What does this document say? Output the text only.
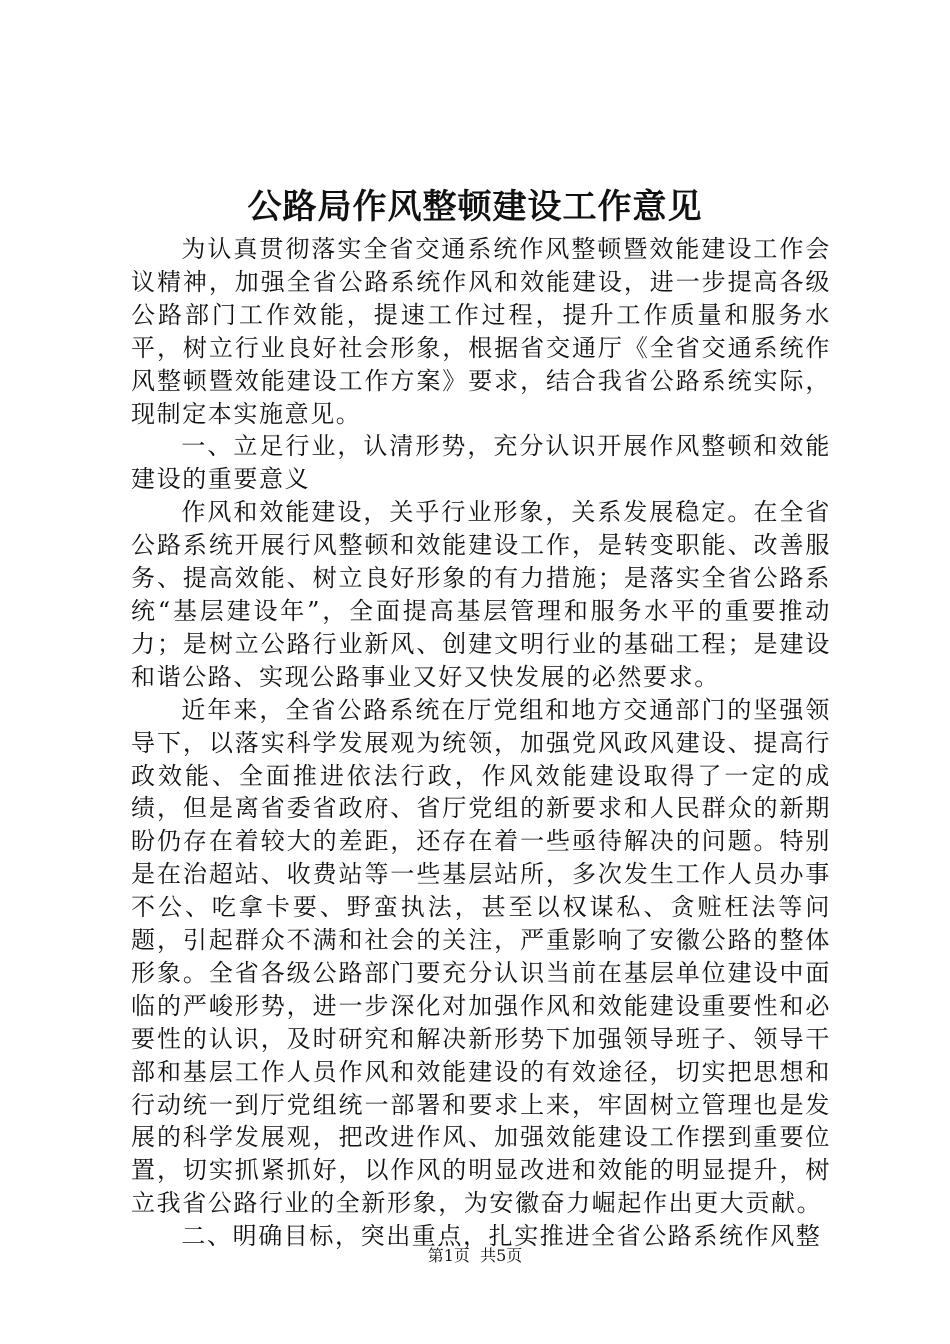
公路局作风整顿建设工作意见

为认真贯彻落实全省交通系统作风整顿暨效能建设工作会议精神，加强全省公路系统作风和效能建设，进一步提高各级公路部门工作效能，提速工作过程，提升工作质量和服务水平，树立行业良好社会形象，根据省交通厅《全省交通系统作风整顿暨效能建设工作方案》要求，结合我省公路系统实际，现制定本实施意见。

一、立足行业，认清形势，充分认识开展作风整顿和效能建设的重要意义

作风和效能建设，关乎行业形象，关系发展稳定。在全省公路系统开展行风整顿和效能建设工作，是转变职能、改善服务、提高效能、树立良好形象的有力措施；是落实全省公路系统“基层建设年”，全面提高基层管理和服务水平的重要推动力；是树立公路行业新风、创建文明行业的基础工程；是建设和谐公路、实现公路事业又好又快发展的必然要求。

近年来，全省公路系统在厅党组和地方交通部门的坚强领导下，以落实科学发展观为统领，加强党风政风建设、提高行政效能、全面推进依法行政，作风效能建设取得了一定的成绩，但是离省委省政府、省厅党组的新要求和人民群众的新期盼仍存在着较大的差距，还存在着一些亟待解决的问题。特别是在治超站、收费站等一些基层站所，多次发生工作人员办事不公、吃拿卡要、野蛮执法，甚至以权谋私、贪赃枉法等问题，引起群众不满和社会的关注，严重影响了安徽公路的整体形象。全省各级公路部门要充分认识当前在基层单位建设中面临的严峻形势，进一步深化对加强作风和效能建设重要性和必要性的认识，及时研究和解决新形势下加强领导班子、领导干部和基层工作人员作风和效能建设的有效途径，切实把思想和行动统一到厅党组统一部署和要求上来，牢固树立管理也是发展的科学发展观，把改进作风、加强效能建设工作摆到重要位置，切实抓紧抓好，以作风的明显改进和效能的明显提升，树立我省公路行业的全新形象，为安徽奋力崛起作出更大贡献。

二、明确目标，突出重点，扎实推进全省公路系统作风整

第1页 共5页
